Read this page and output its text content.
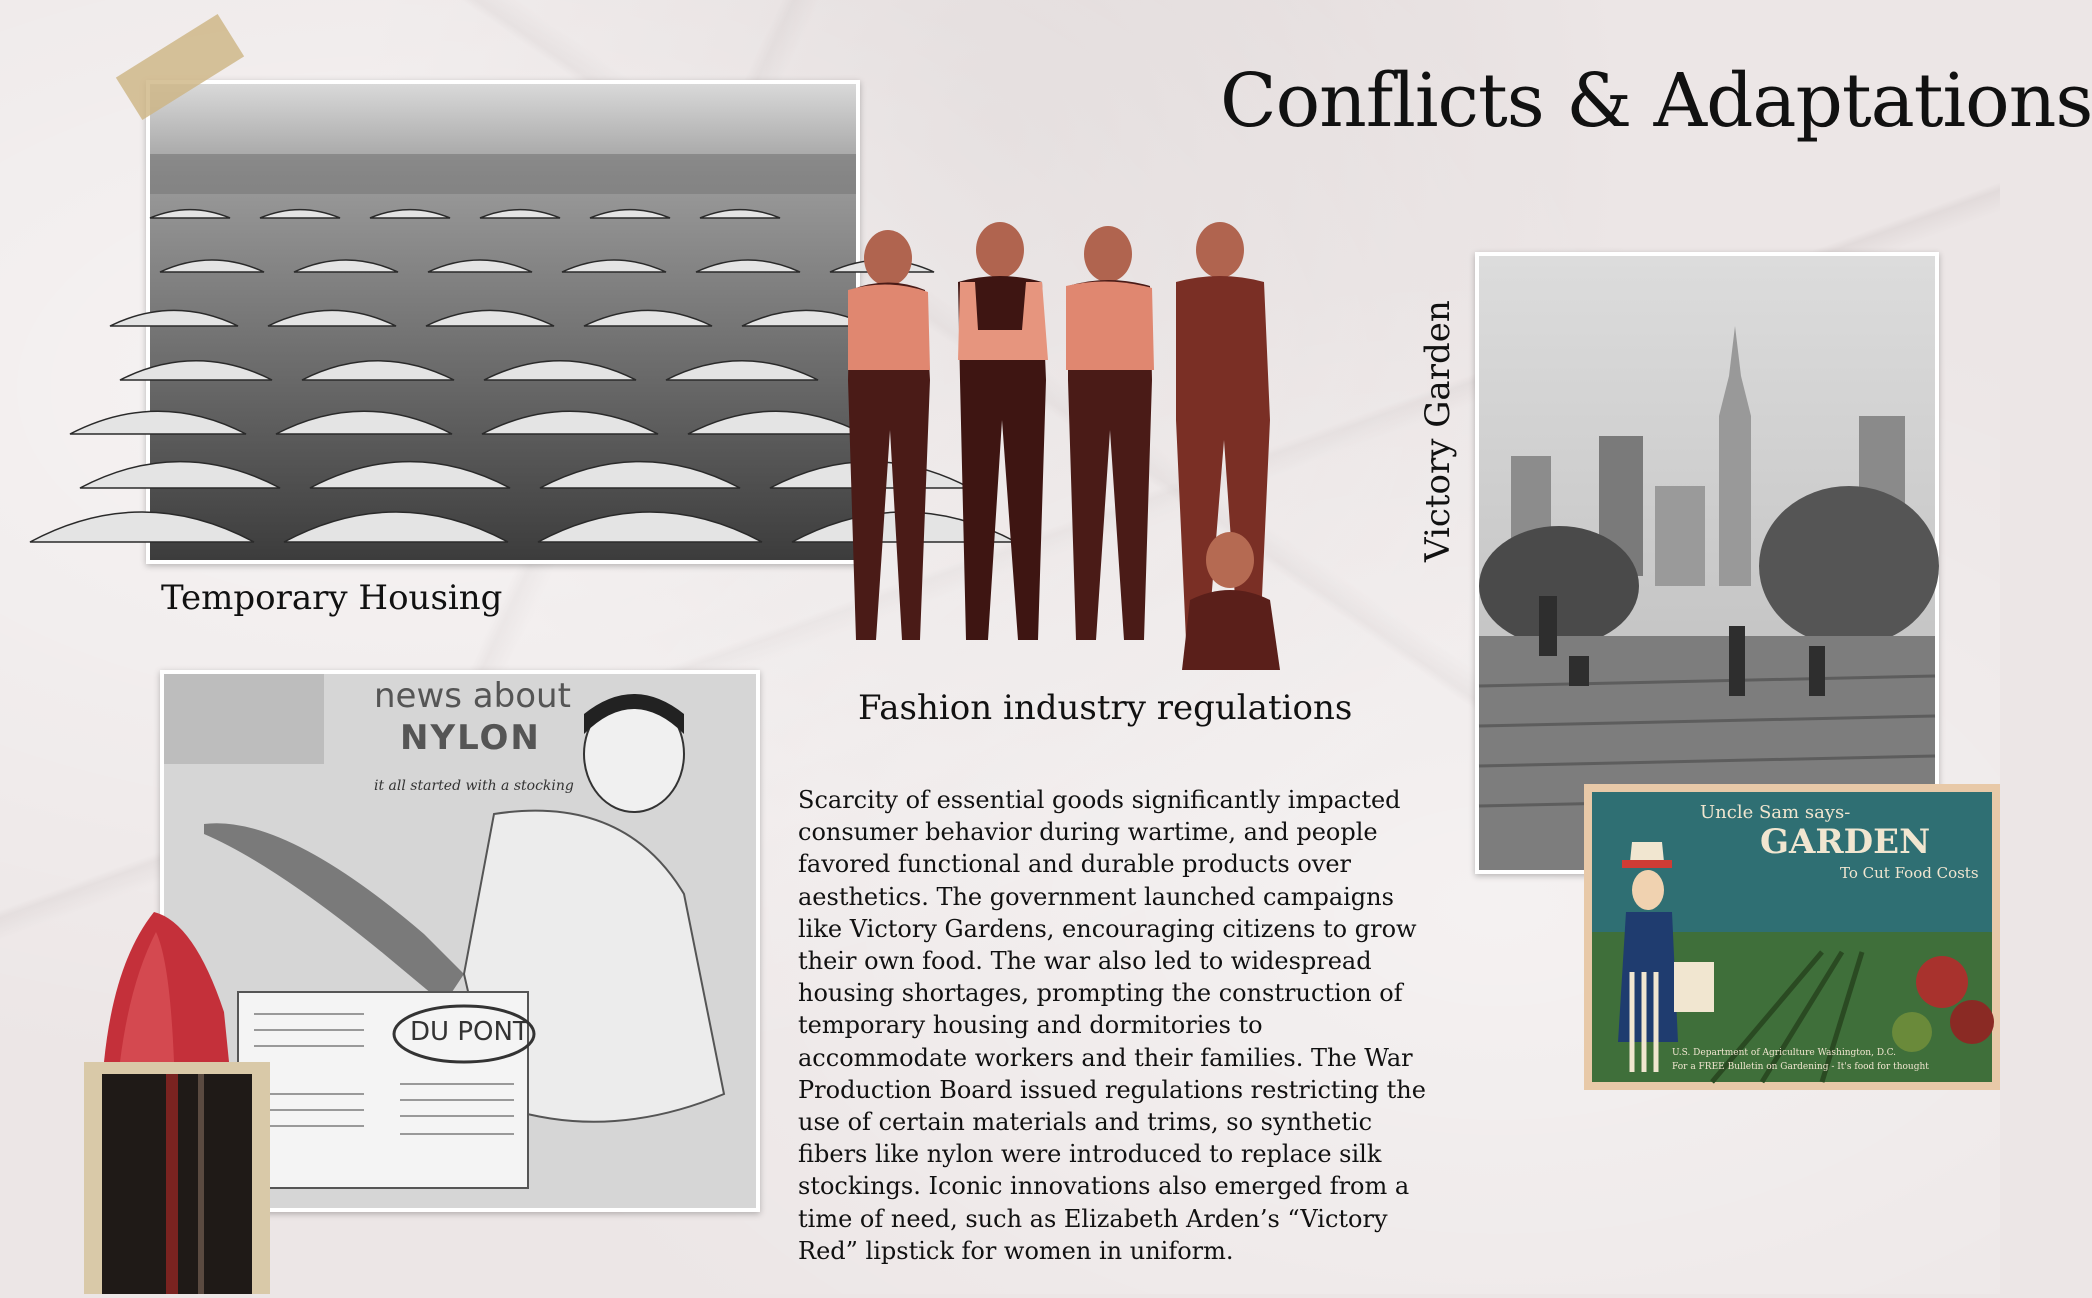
Conflicts & Adaptations
Temporary Housing
Fashion industry regulations
news about
NYLON
it all started with a stocking
DU PONT
Scarcity of essential goods significantly impacted consumer behavior during wartime, and people favored functional and durable products over aesthetics. The government launched campaigns like Victory Gardens, encouraging citizens to grow their own food. The war also led to widespread housing shortages, prompting the construction of temporary housing and dormitories to accommodate workers and their families. The War Production Board issued regulations restricting the use of certain materials and trims, so synthetic fibers like nylon were introduced to replace silk stockings. Iconic innovations also emerged from a time of need, such as Elizabeth Arden’s “Victory Red” lipstick for women in uniform.
Victory Garden
Uncle Sam says-
GARDEN
To Cut Food Costs
U.S. Department of Agriculture Washington, D.C.
For a FREE Bulletin on Gardening - It's food for thought
